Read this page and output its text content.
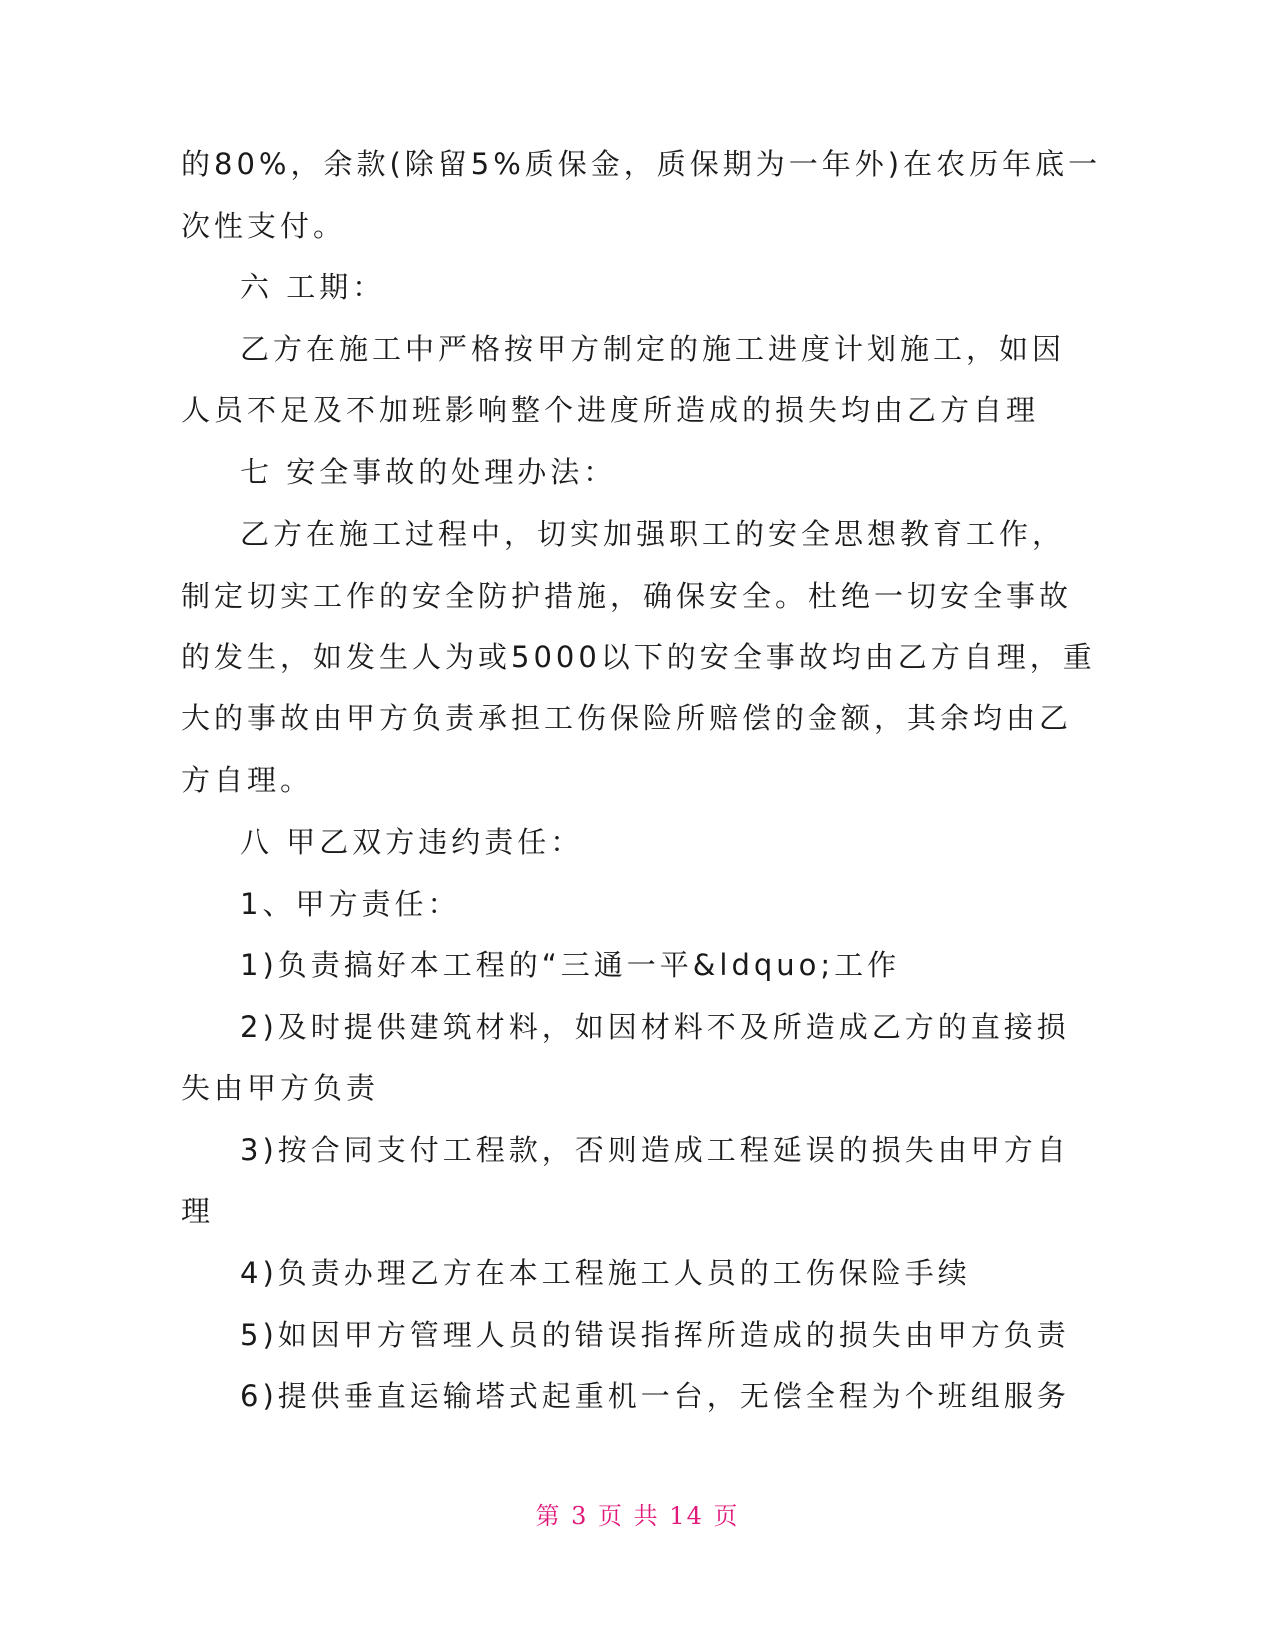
的80%，余款(除留5%质保金，质保期为一年外)在农历年底一
次性支付。
六 工期：
乙方在施工中严格按甲方制定的施工进度计划施工，如因
人员不足及不加班影响整个进度所造成的损失均由乙方自理
七 安全事故的处理办法：
乙方在施工过程中，切实加强职工的安全思想教育工作，
制定切实工作的安全防护措施，确保安全。杜绝一切安全事故
的发生，如发生人为或5000以下的安全事故均由乙方自理，重
大的事故由甲方负责承担工伤保险所赔偿的金额，其余均由乙
方自理。
八 甲乙双方违约责任：
1、甲方责任：
1)负责搞好本工程的“三通一平&ldquo;工作
2)及时提供建筑材料，如因材料不及所造成乙方的直接损
失由甲方负责
3)按合同支付工程款，否则造成工程延误的损失由甲方自
理
4)负责办理乙方在本工程施工人员的工伤保险手续
5)如因甲方管理人员的错误指挥所造成的损失由甲方负责
6)提供垂直运输塔式起重机一台，无偿全程为个班组服务
第 3 页 共 14 页
